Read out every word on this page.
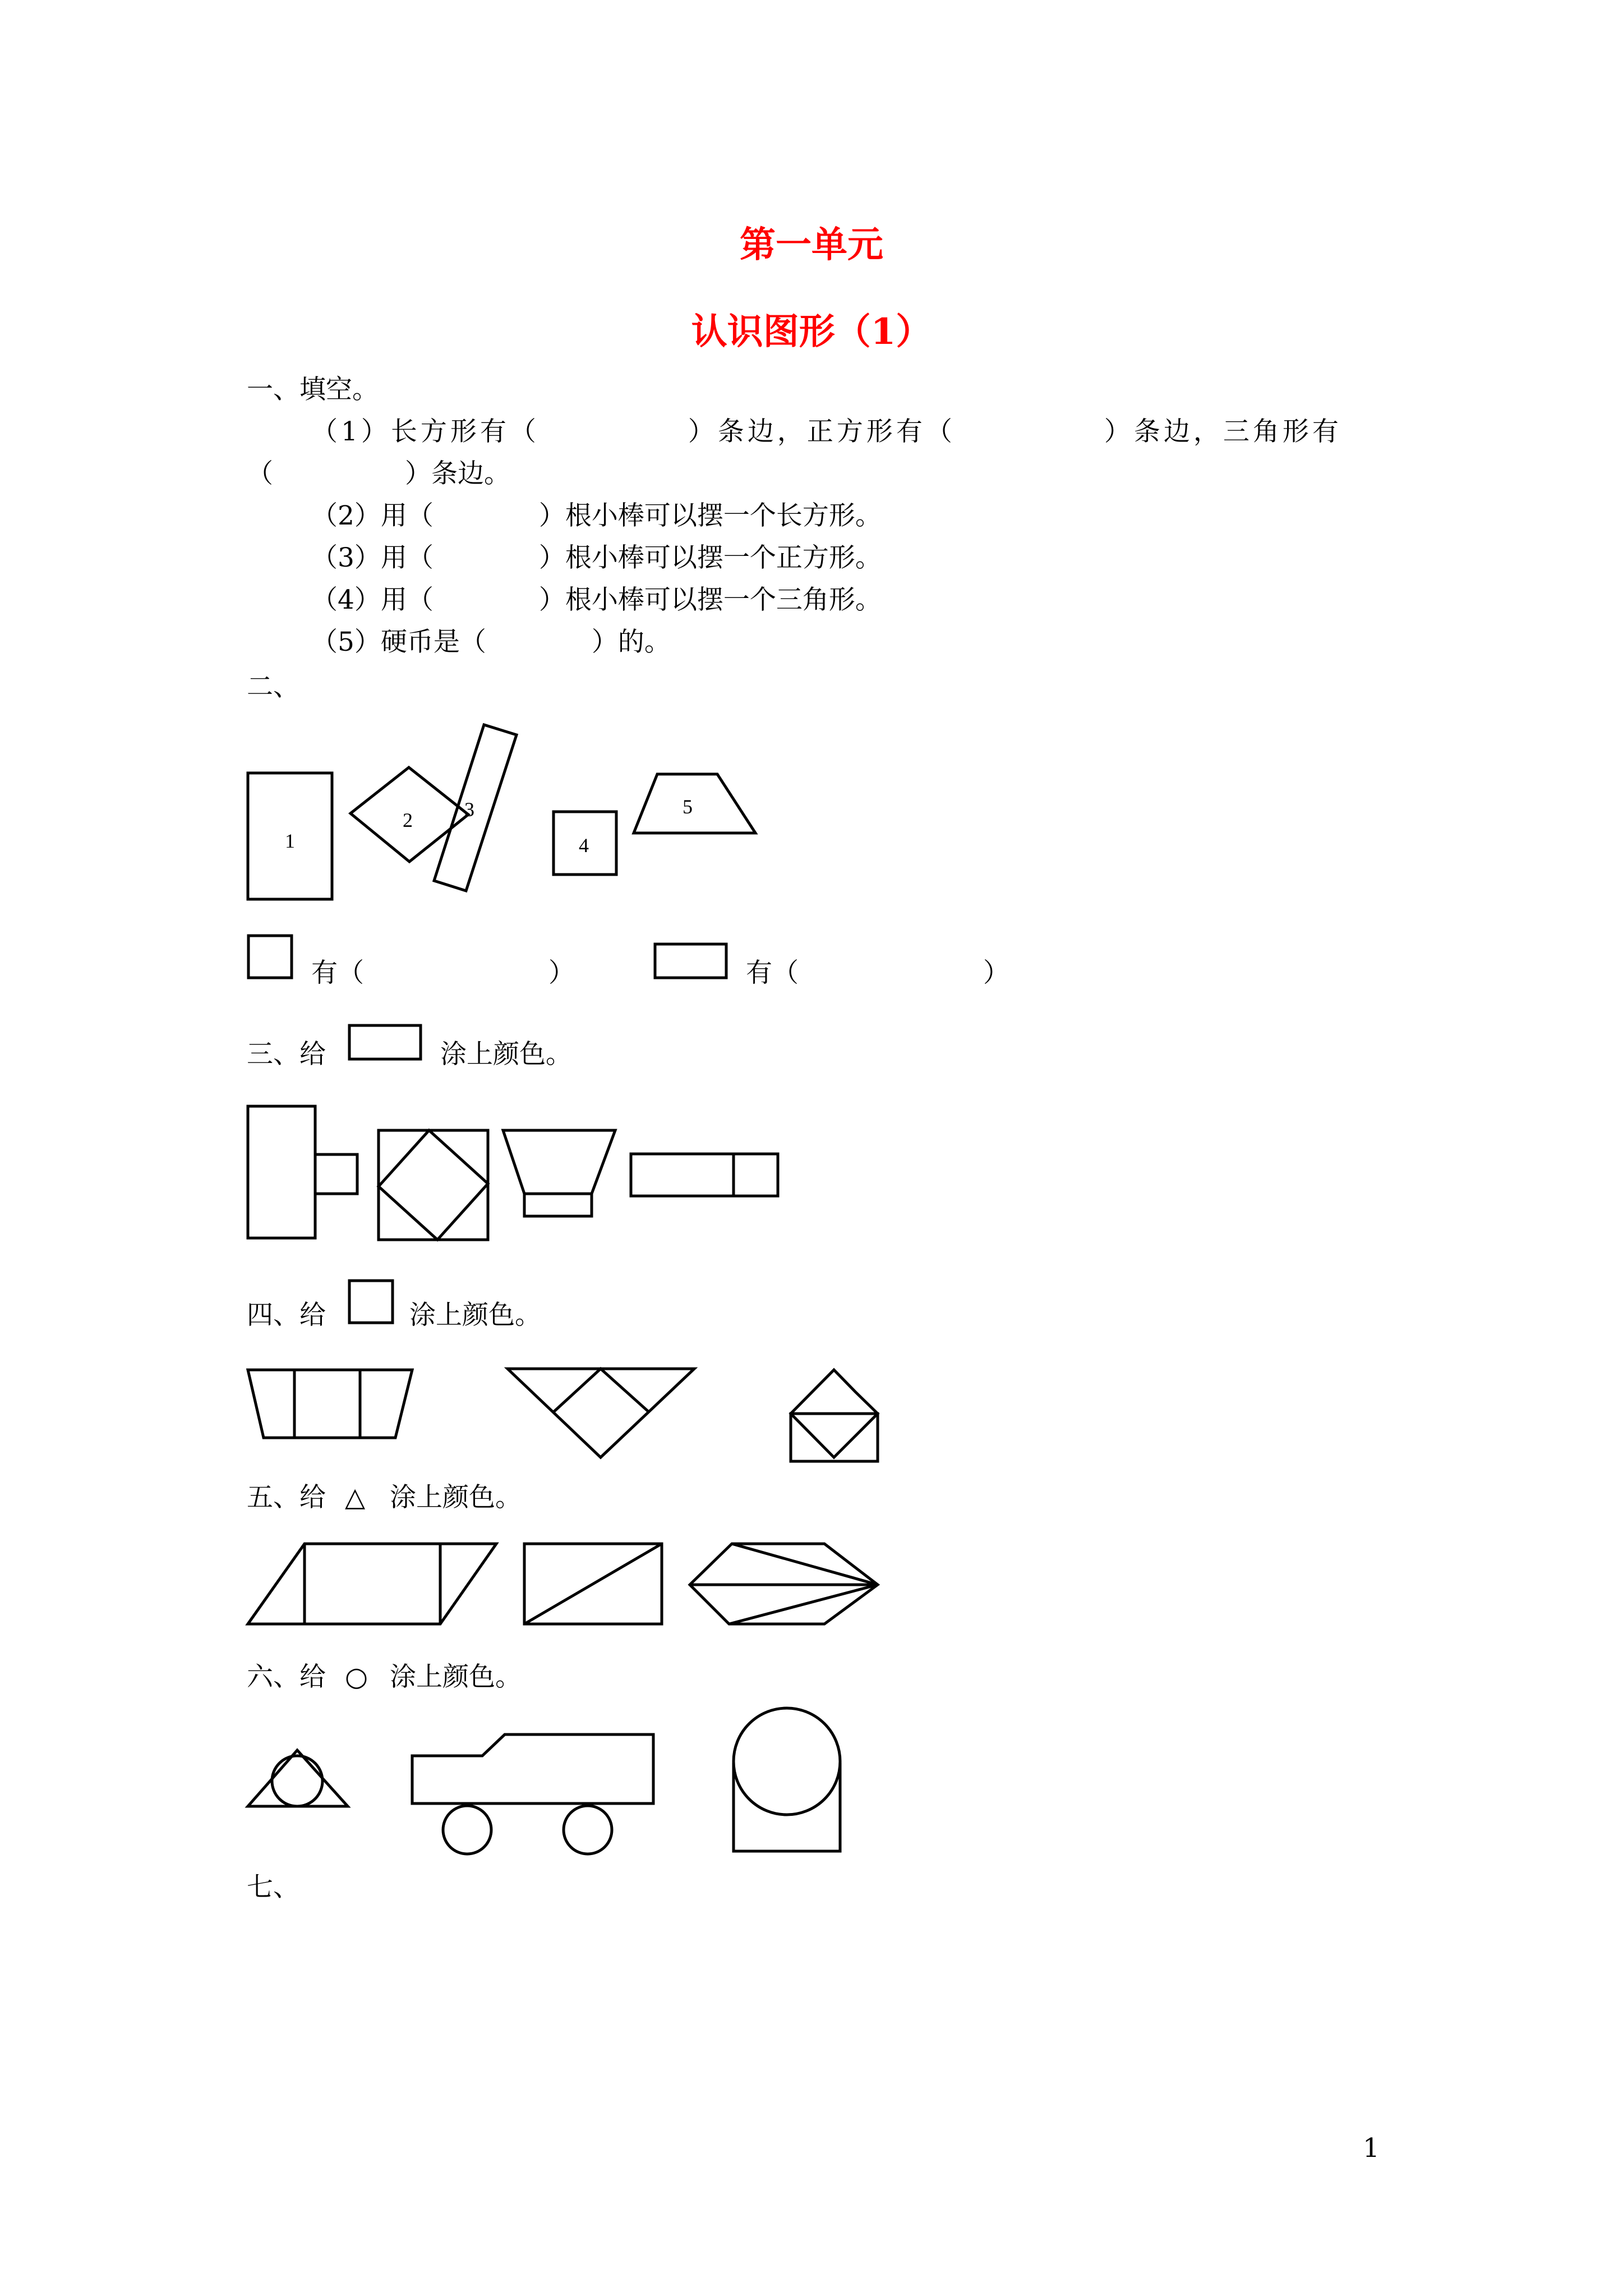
第一单元
认识图形（1）
一、填空。
（1）长方形有（　　　　　）条边，正方形有（　　　　　）条边，三角形有
（　　　　　）条边。
（2）用（　　　　）根小棒可以摆一个长方形。
（3）用（　　　　）根小棒可以摆一个正方形。
（4）用（　　　　）根小棒可以摆一个三角形。
（5）硬币是（　　　　）的。
二、
1
2	3
4
5
有（　　　　　　　）	有（　　　　　　　）
三、给	涂上颜色。
四、给	涂上颜色。
五、给 △ 涂上颜色。
六、给 ○ 涂上颜色。
七、
1
